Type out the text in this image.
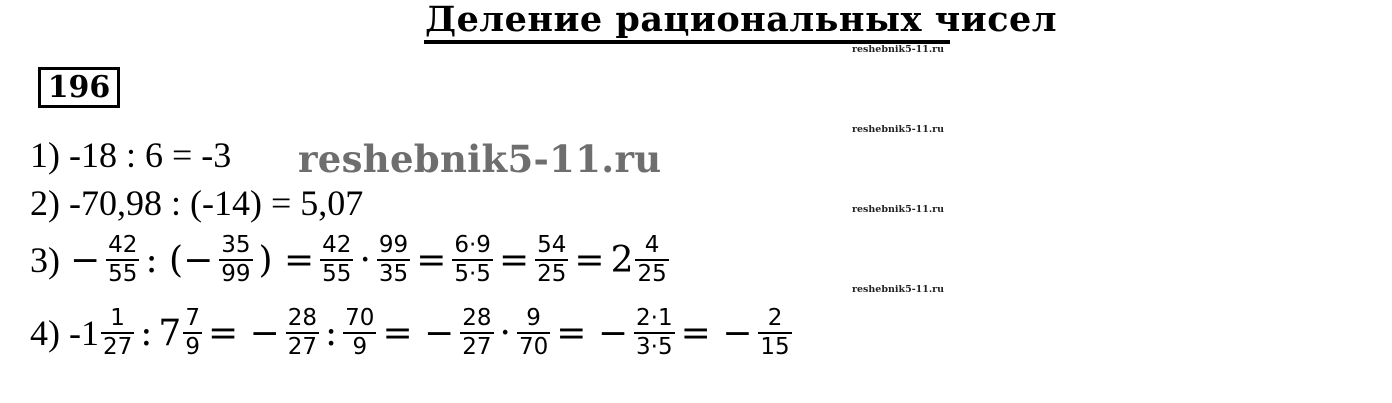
Деление рациональных чисел
reshebnik5-11.ru
reshebnik5-11.ru
reshebnik5-11.ru
reshebnik5-11.ru
196
1) -18 : 6 = -3
2) -70,98 : (-14) = 5,07
reshebnik5-11.ru
$3) - \frac{42}{55}$ : (− $\frac{35}{99}$ ) = $\frac{42}{55} \cdot \frac{99}{35} = \frac{6\cdot 9}{5\cdot 5} = \frac{54}{25} = 2 \frac{4}{25}$
4) $-1 \frac{1}{27}$ : $7 \frac{7}{9}$ = − $\frac{28}{27}$ : $\frac{70}{9}$ = − $\frac{28}{27} \cdot \frac{9}{70}$ = − $\frac{2\cdot 1}{3\cdot 5}$ = − $\frac{2}{15}$
